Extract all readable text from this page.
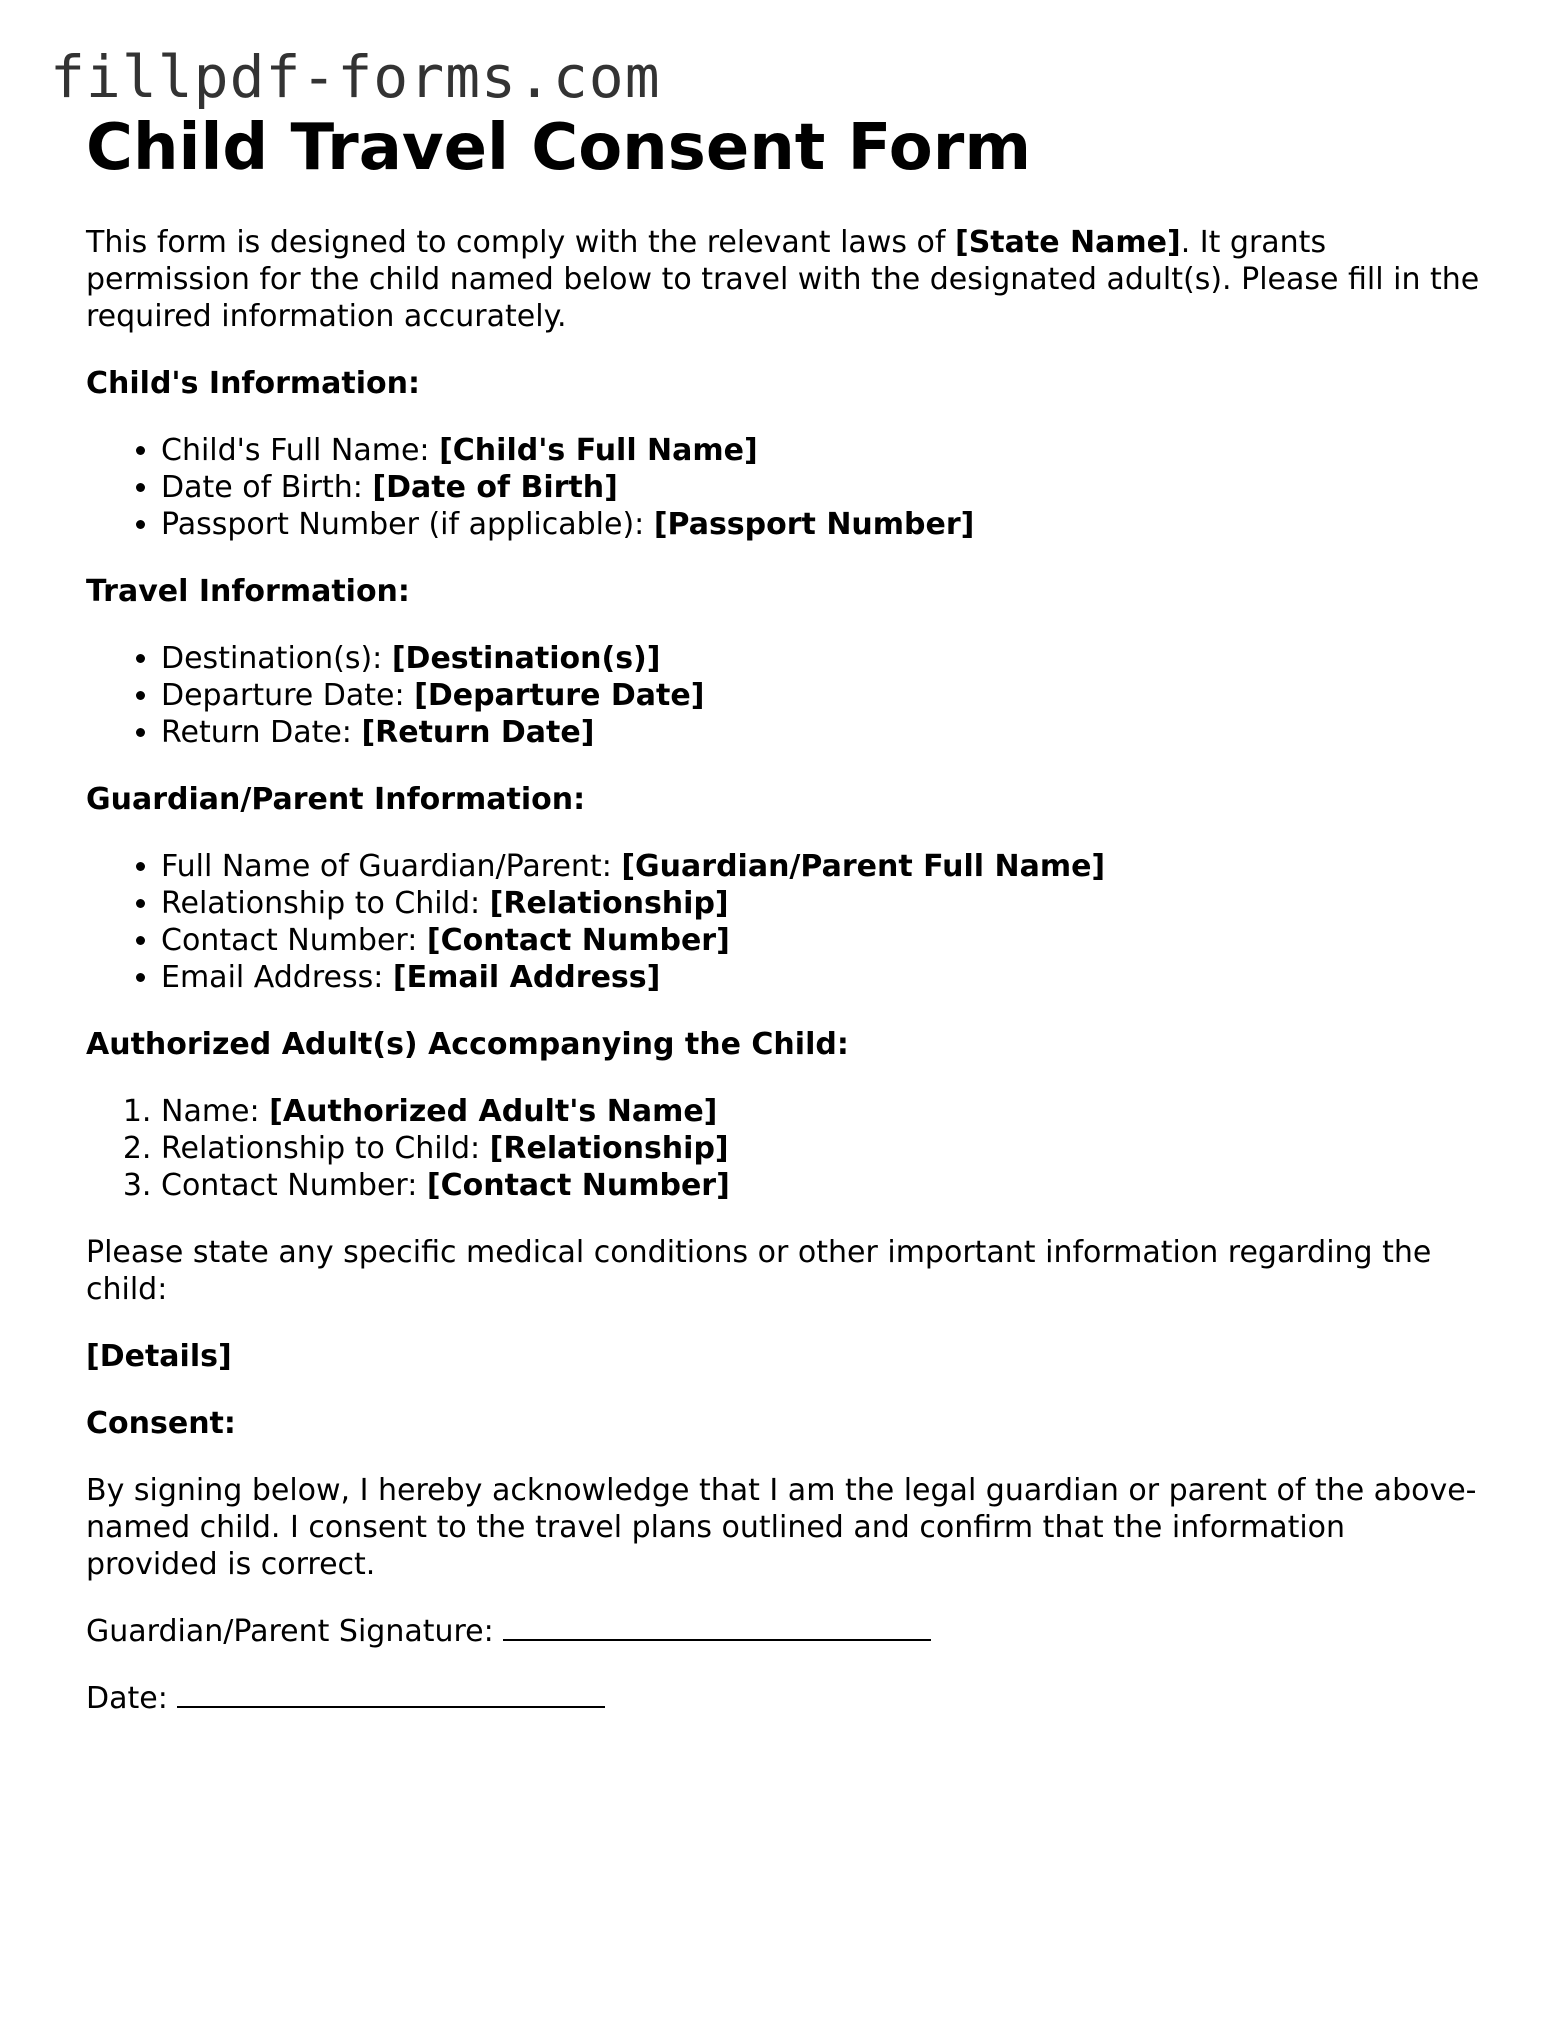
fillpdf-forms.com
Child Travel Consent Form

This form is designed to comply with the relevant laws of [State Name]. It grants permission for the child named below to travel with the designated adult(s). Please fill in the required information accurately.

Child's Information:

• Child's Full Name: [Child's Full Name]
• Date of Birth: [Date of Birth]
• Passport Number (if applicable): [Passport Number]

Travel Information:

• Destination(s): [Destination(s)]
• Departure Date: [Departure Date]
• Return Date: [Return Date]

Guardian/Parent Information:

• Full Name of Guardian/Parent: [Guardian/Parent Full Name]
• Relationship to Child: [Relationship]
• Contact Number: [Contact Number]
• Email Address: [Email Address]

Authorized Adult(s) Accompanying the Child:

1. Name: [Authorized Adult's Name]
2. Relationship to Child: [Relationship]
3. Contact Number: [Contact Number]

Please state any specific medical conditions or other important information regarding the child:

[Details]

Consent:

By signing below, I hereby acknowledge that I am the legal guardian or parent of the above-named child. I consent to the travel plans outlined and confirm that the information provided is correct.

Guardian/Parent Signature:

Date:
